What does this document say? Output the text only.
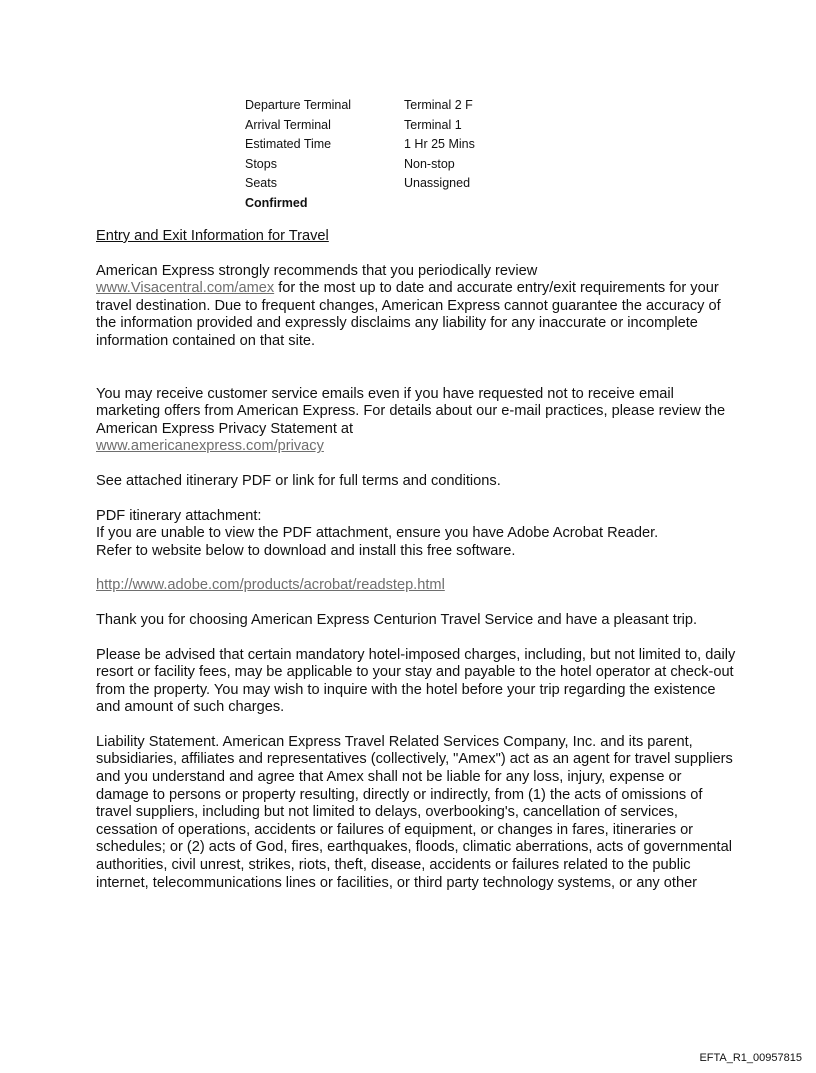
Departure Terminal	Terminal 2 F
Arrival Terminal	Terminal 1
Estimated Time	1 Hr 25 Mins
Stops	Non-stop
Seats	Unassigned
Confirmed

Entry and Exit Information for Travel

American Express strongly recommends that you periodically review
www.Visacentral.com/amex for the most up to date and accurate entry/exit requirements for your travel destination. Due to frequent changes, American Express cannot guarantee the accuracy of the information provided and expressly disclaims any liability for any inaccurate or incomplete information contained on that site.

You may receive customer service emails even if you have requested not to receive email marketing offers from American Express. For details about our e-mail practices, please review the American Express Privacy Statement at
www.americanexpress.com/privacy

See attached itinerary PDF or link for full terms and conditions.

PDF itinerary attachment:
If you are unable to view the PDF attachment, ensure you have Adobe Acrobat Reader.
Refer to website below to download and install this free software.

http://www.adobe.com/products/acrobat/readstep.html

Thank you for choosing American Express Centurion Travel Service and have a pleasant trip.

Please be advised that certain mandatory hotel-imposed charges, including, but not limited to, daily resort or facility fees, may be applicable to your stay and payable to the hotel operator at check-out from the property. You may wish to inquire with the hotel before your trip regarding the existence and amount of such charges.

Liability Statement. American Express Travel Related Services Company, Inc. and its parent, subsidiaries, affiliates and representatives (collectively, "Amex") act as an agent for travel suppliers and you understand and agree that Amex shall not be liable for any loss, injury, expense or damage to persons or property resulting, directly or indirectly, from (1) the acts of omissions of travel suppliers, including but not limited to delays, overbooking's, cancellation of services, cessation of operations, accidents or failures of equipment, or changes in fares, itineraries or schedules; or (2) acts of God, fires, earthquakes, floods, climatic aberrations, acts of governmental authorities, civil unrest, strikes, riots, theft, disease, accidents or failures related to the public internet, telecommunications lines or facilities, or third party technology systems, or any other

EFTA_R1_00957815
